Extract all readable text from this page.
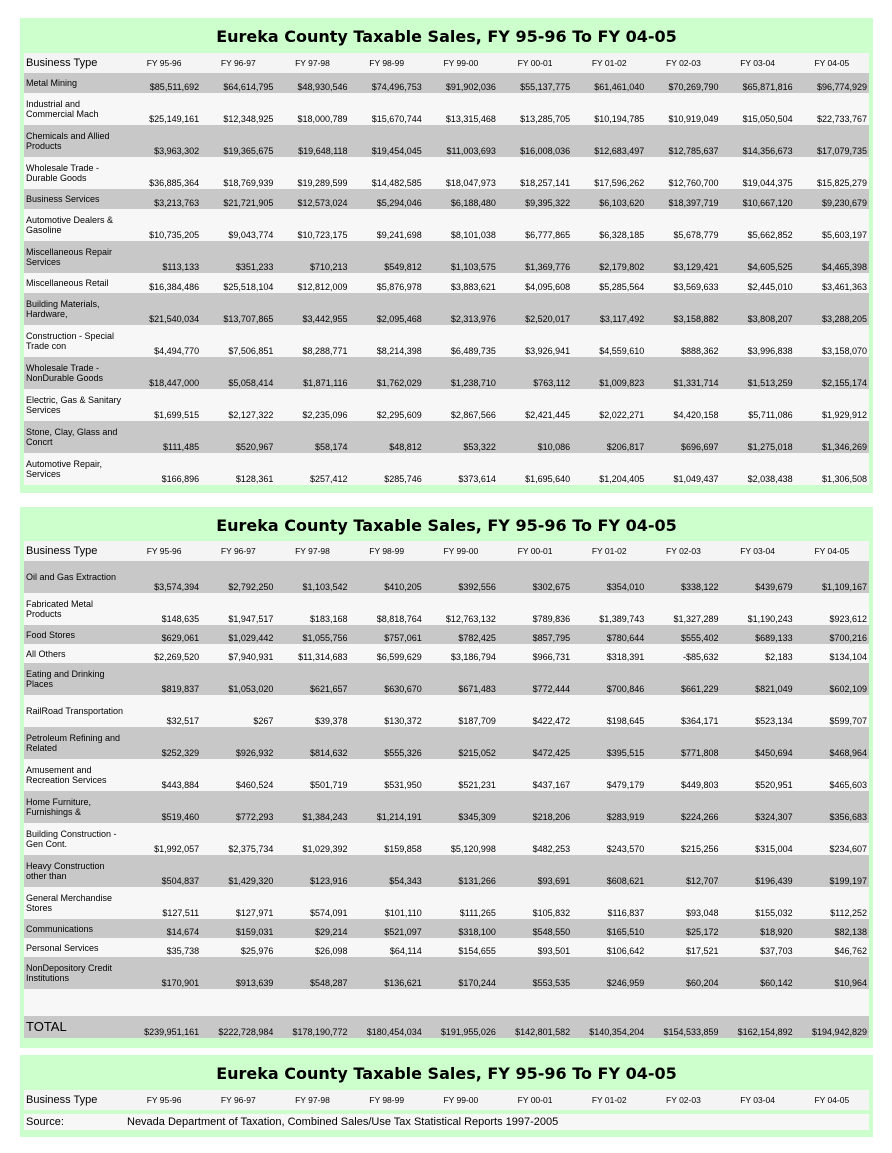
Eureka County Taxable Sales, FY 95-96 To FY 04-05
Business Type	FY 95-96	FY 96-97	FY 97-98	FY 98-99	FY 99-00	FY 00-01	FY 01-02	FY 02-03	FY 03-04	FY 04-05
Metal Mining	$85,511,692	$64,614,795	$48,930,546	$74,496,753	$91,902,036	$55,137,775	$61,461,040	$70,269,790	$65,871,816	$96,774,929
Industrial and Commercial Mach	$25,149,161	$12,348,925	$18,000,789	$15,670,744	$13,315,468	$13,285,705	$10,194,785	$10,919,049	$15,050,504	$22,733,767
Chemicals and Allied Products	$3,963,302	$19,365,675	$19,648,118	$19,454,045	$11,003,693	$16,008,036	$12,683,497	$12,785,637	$14,356,673	$17,079,735
Wholesale Trade - Durable Goods	$36,885,364	$18,769,939	$19,289,599	$14,482,585	$18,047,973	$18,257,141	$17,596,262	$12,760,700	$19,044,375	$15,825,279
Business Services	$3,213,763	$21,721,905	$12,573,024	$5,294,046	$6,188,480	$9,395,322	$6,103,620	$18,397,719	$10,667,120	$9,230,679
Automotive Dealers & Gasoline	$10,735,205	$9,043,774	$10,723,175	$9,241,698	$8,101,038	$6,777,865	$6,328,185	$5,678,779	$5,662,852	$5,603,197
Miscellaneous Repair Services	$113,133	$351,233	$710,213	$549,812	$1,103,575	$1,369,776	$2,179,802	$3,129,421	$4,605,525	$4,465,398
Miscellaneous Retail	$16,384,486	$25,518,104	$12,812,009	$5,876,978	$3,883,621	$4,095,608	$5,285,564	$3,569,633	$2,445,010	$3,461,363
Building Materials, Hardware,	$21,540,034	$13,707,865	$3,442,955	$2,095,468	$2,313,976	$2,520,017	$3,117,492	$3,158,882	$3,808,207	$3,288,205
Construction - Special Trade con	$4,494,770	$7,506,851	$8,288,771	$8,214,398	$6,489,735	$3,926,941	$4,559,610	$888,362	$3,996,838	$3,158,070
Wholesale Trade - NonDurable Goods	$18,447,000	$5,058,414	$1,871,116	$1,762,029	$1,238,710	$763,112	$1,009,823	$1,331,714	$1,513,259	$2,155,174
Electric, Gas & Sanitary Services	$1,699,515	$2,127,322	$2,235,096	$2,295,609	$2,867,566	$2,421,445	$2,022,271	$4,420,158	$5,711,086	$1,929,912
Stone, Clay, Glass and Concrt	$111,485	$520,967	$58,174	$48,812	$53,322	$10,086	$206,817	$696,697	$1,275,018	$1,346,269
Automotive Repair, Services	$166,896	$128,361	$257,412	$285,746	$373,614	$1,695,640	$1,204,405	$1,049,437	$2,038,438	$1,306,508
Eureka County Taxable Sales, FY 95-96 To FY 04-05
Business Type	FY 95-96	FY 96-97	FY 97-98	FY 98-99	FY 99-00	FY 00-01	FY 01-02	FY 02-03	FY 03-04	FY 04-05
Oil and Gas Extraction	$3,574,394	$2,792,250	$1,103,542	$410,205	$392,556	$302,675	$354,010	$338,122	$439,679	$1,109,167
Fabricated Metal Products	$148,635	$1,947,517	$183,168	$8,818,764	$12,763,132	$789,836	$1,389,743	$1,327,289	$1,190,243	$923,612
Food Stores	$629,061	$1,029,442	$1,055,756	$757,061	$782,425	$857,795	$780,644	$555,402	$689,133	$700,216
All Others	$2,269,520	$7,940,931	$11,314,683	$6,599,629	$3,186,794	$966,731	$318,391	-$85,632	$2,183	$134,104
Eating and Drinking Places	$819,837	$1,053,020	$621,657	$630,670	$671,483	$772,444	$700,846	$661,229	$821,049	$602,109
RailRoad Transportation	$32,517	$267	$39,378	$130,372	$187,709	$422,472	$198,645	$364,171	$523,134	$599,707
Petroleum Refining and Related	$252,329	$926,932	$814,632	$555,326	$215,052	$472,425	$395,515	$771,808	$450,694	$468,964
Amusement and Recreation Services	$443,884	$460,524	$501,719	$531,950	$521,231	$437,167	$479,179	$449,803	$520,951	$465,603
Home Furniture, Furnishings &	$519,460	$772,293	$1,384,243	$1,214,191	$345,309	$218,206	$283,919	$224,266	$324,307	$356,683
Building Construction - Gen Cont.	$1,992,057	$2,375,734	$1,029,392	$159,858	$5,120,998	$482,253	$243,570	$215,256	$315,004	$234,607
Heavy Construction other than	$504,837	$1,429,320	$123,916	$54,343	$131,266	$93,691	$608,621	$12,707	$196,439	$199,197
General Merchandise Stores	$127,511	$127,971	$574,091	$101,110	$111,265	$105,832	$116,837	$93,048	$155,032	$112,252
Communications	$14,674	$159,031	$29,214	$521,097	$318,100	$548,550	$165,510	$25,172	$18,920	$82,138
Personal Services	$35,738	$25,976	$26,098	$64,114	$154,655	$93,501	$106,642	$17,521	$37,703	$46,762
NonDepository Credit Institutions	$170,901	$913,639	$548,287	$136,621	$170,244	$553,535	$246,959	$60,204	$60,142	$10,964

TOTAL	$239,951,161	$222,728,984	$178,190,772	$180,454,034	$191,955,026	$142,801,582	$140,354,204	$154,533,859	$162,154,892	$194,942,829
Eureka County Taxable Sales, FY 95-96 To FY 04-05
Business Type	FY 95-96	FY 96-97	FY 97-98	FY 98-99	FY 99-00	FY 00-01	FY 01-02	FY 02-03	FY 03-04	FY 04-05
Source:	Nevada Department of Taxation, Combined Sales/Use Tax Statistical Reports 1997-2005
